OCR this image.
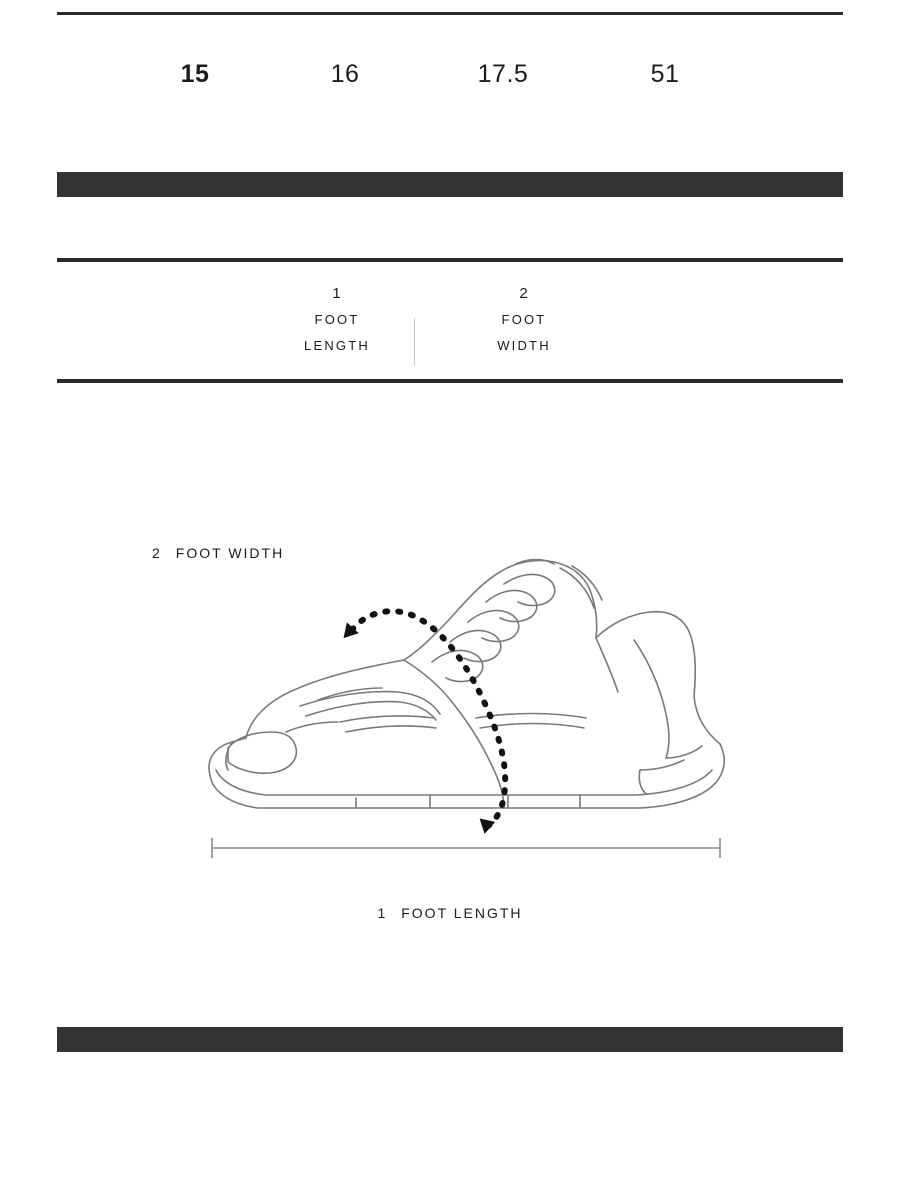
15	16	17.5	51
1
FOOT
LENGTH
2
FOOT
WIDTH
2 FOOT WIDTH
1 FOOT LENGTH
